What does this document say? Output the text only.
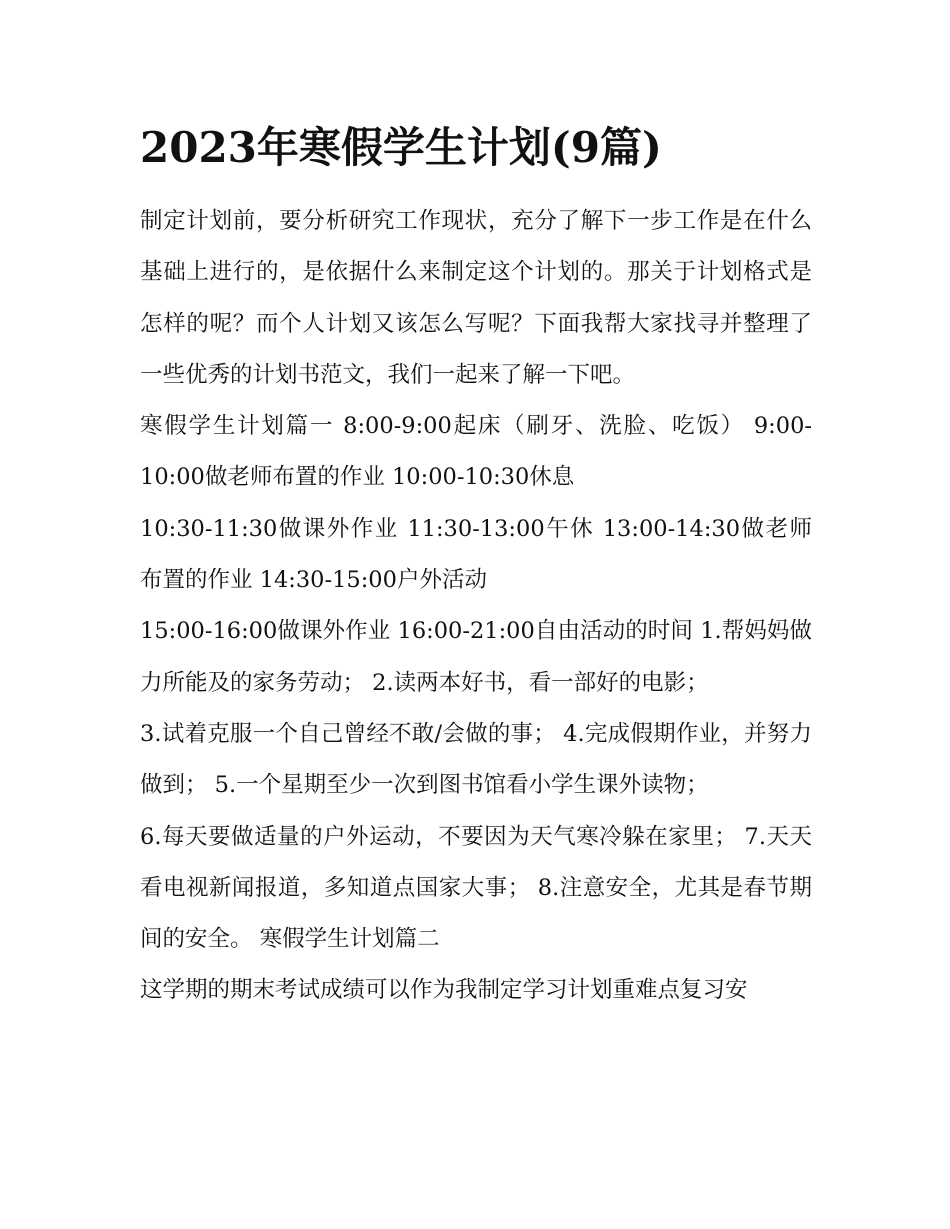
2023年寒假学生计划(9篇)

制定计划前，要分析研究工作现状，充分了解下一步工作是在什么基础上进行的，是依据什么来制定这个计划的。那关于计划格式是怎样的呢？而个人计划又该怎么写呢？下面我帮大家找寻并整理了一些优秀的计划书范文，我们一起来了解一下吧。

寒假学生计划篇一 8:00-9:00起床（刷牙、洗脸、吃饭） 9:00-10:00做老师布置的作业 10:00-10:30休息

10:30-11:30做课外作业 11:30-13:00午休 13:00-14:30做老师布置的作业 14:30-15:00户外活动

15:00-16:00做课外作业 16:00-21:00自由活动的时间 1.帮妈妈做力所能及的家务劳动； 2.读两本好书，看一部好的电影；

3.试着克服一个自己曾经不敢/会做的事； 4.完成假期作业，并努力做到； 5.一个星期至少一次到图书馆看小学生课外读物；

6.每天要做适量的户外运动，不要因为天气寒冷躲在家里； 7.天天看电视新闻报道，多知道点国家大事； 8.注意安全，尤其是春节期间的安全。 寒假学生计划篇二

这学期的期末考试成绩可以作为我制定学习计划重难点复习安
